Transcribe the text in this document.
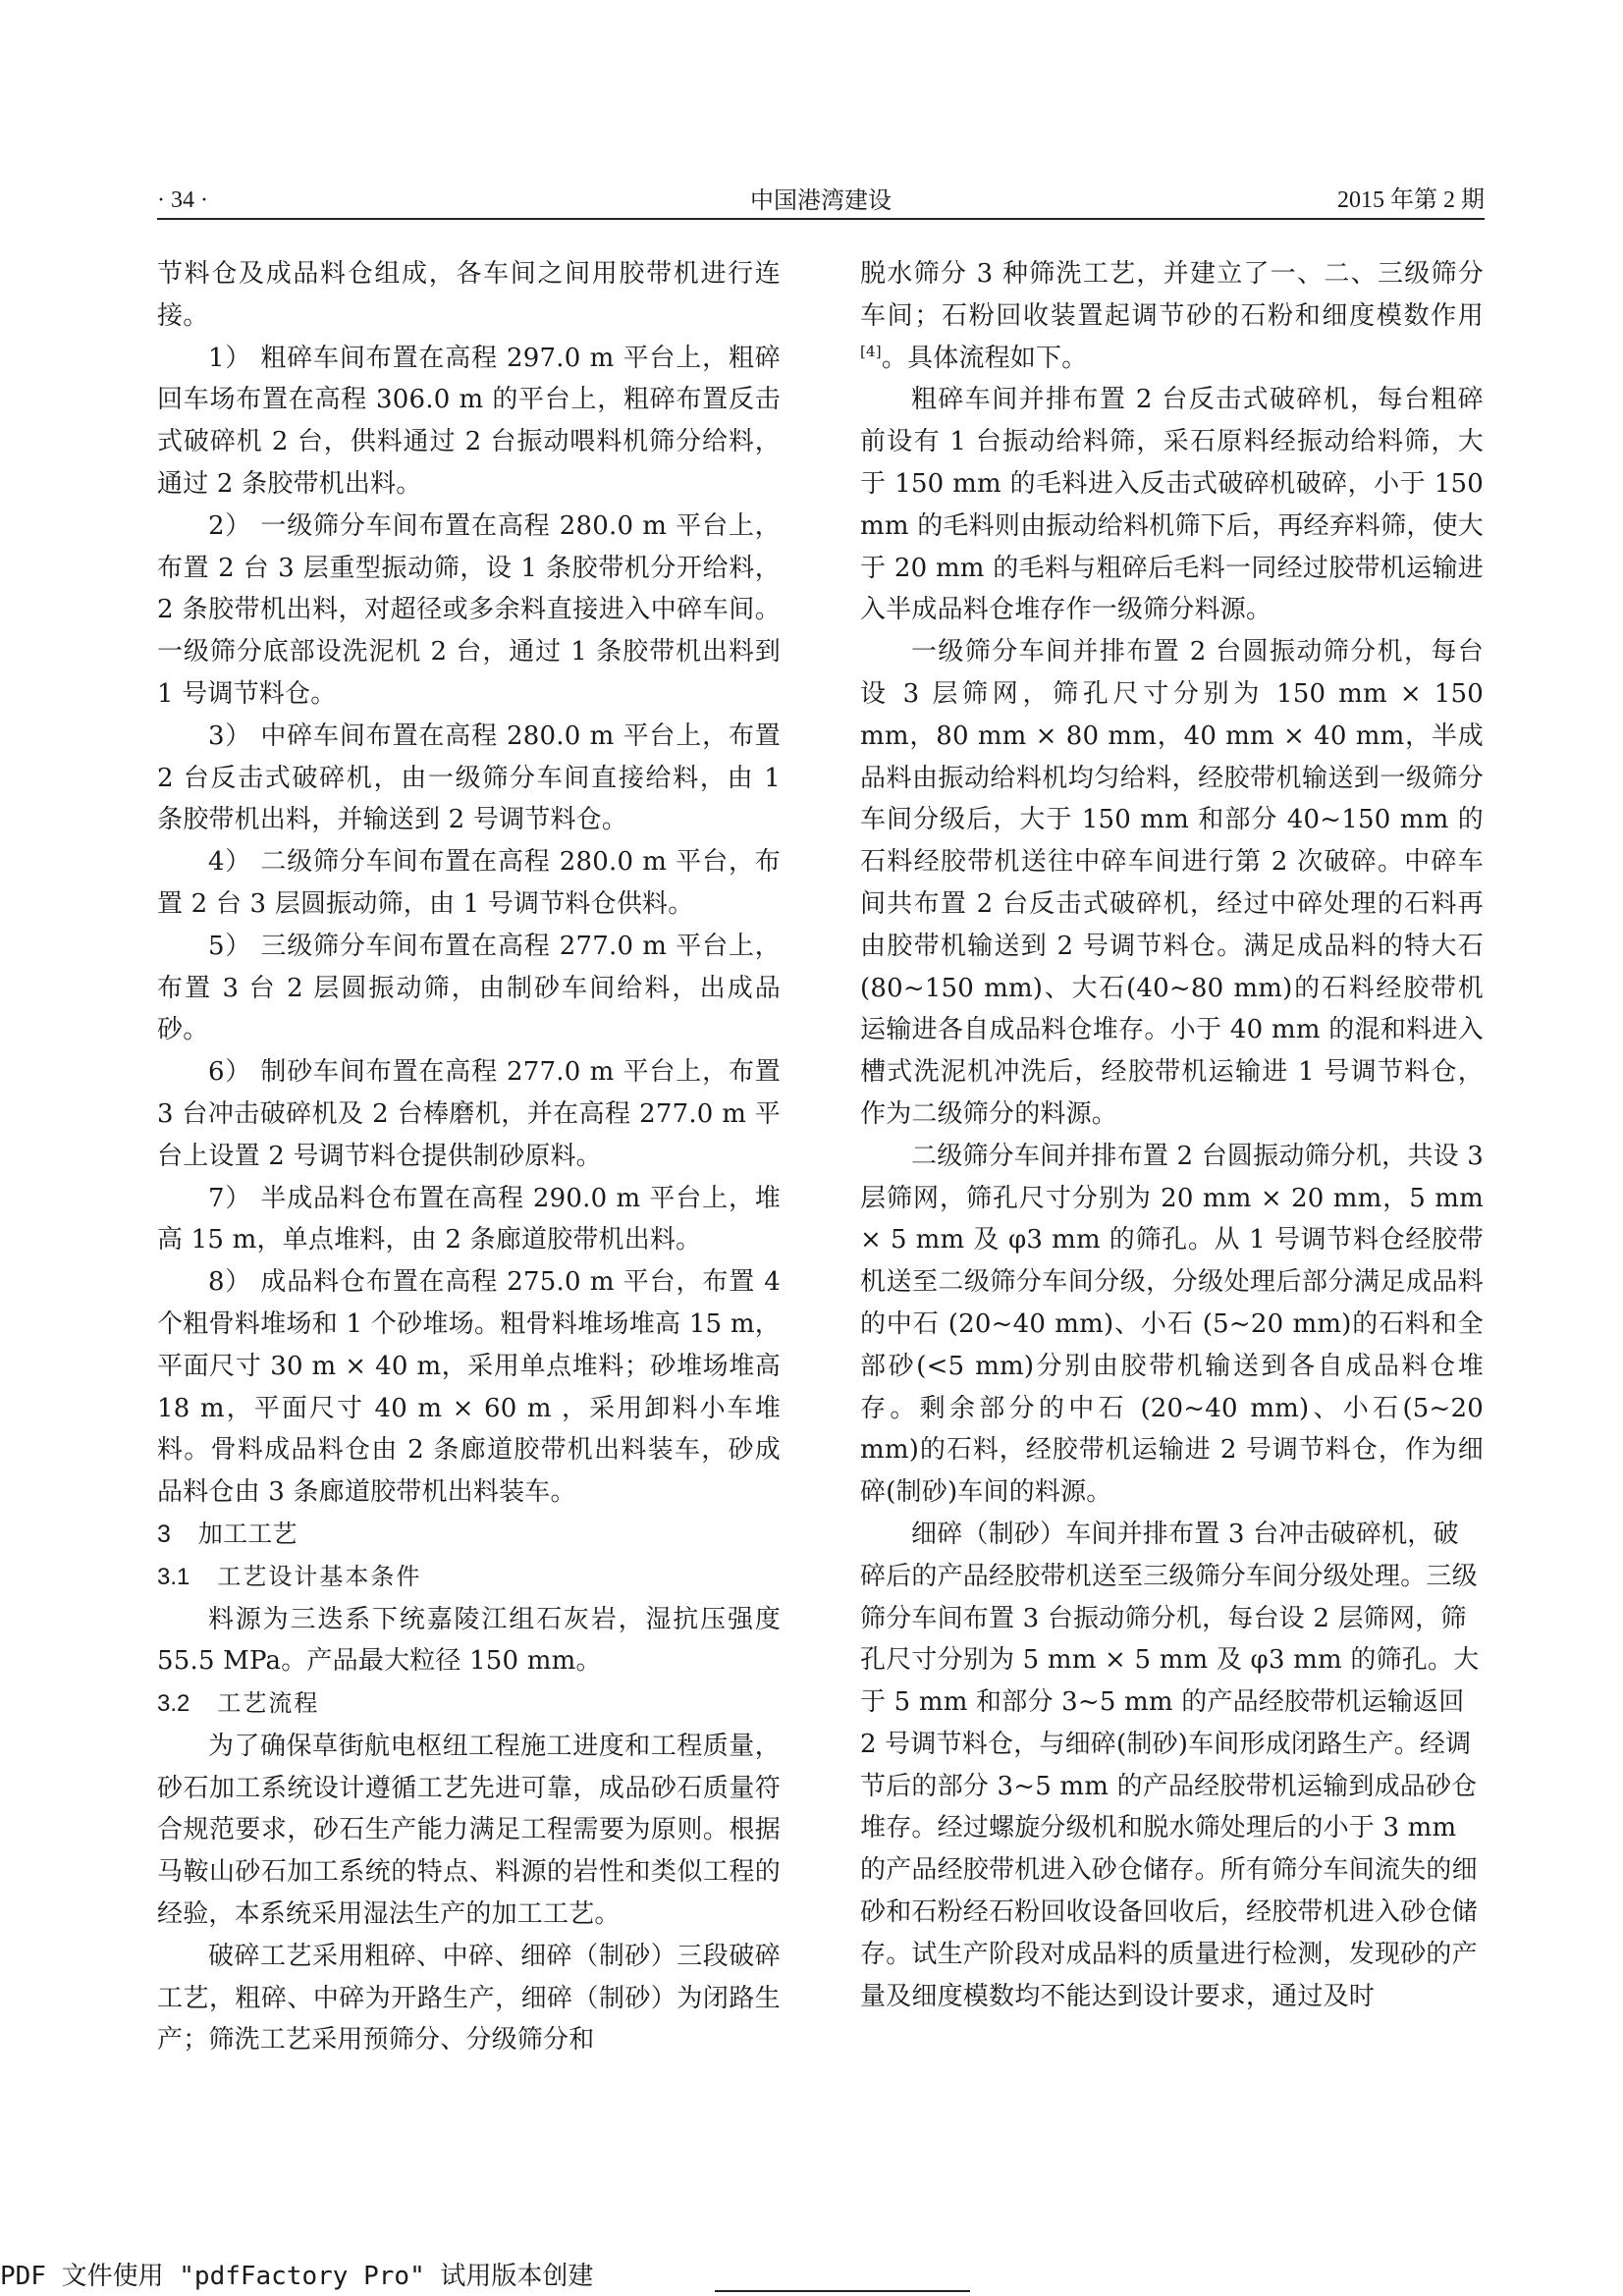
· 34 ·	中国港湾建设	2015 年第 2 期

节料仓及成品料仓组成，各车间之间用胶带机进行连接。

1） 粗碎车间布置在高程 297.0 m 平台上，粗碎回车场布置在高程 306.0 m 的平台上，粗碎布置反击式破碎机 2 台，供料通过 2 台振动喂料机筛分给料，通过 2 条胶带机出料。

2） 一级筛分车间布置在高程 280.0 m 平台上，布置 2 台 3 层重型振动筛，设 1 条胶带机分开给料，2 条胶带机出料，对超径或多余料直接进入中碎车间。一级筛分底部设洗泥机 2 台，通过 1 条胶带机出料到 1 号调节料仓。

3） 中碎车间布置在高程 280.0 m 平台上，布置 2 台反击式破碎机，由一级筛分车间直接给料，由 1 条胶带机出料，并输送到 2 号调节料仓。

4） 二级筛分车间布置在高程 280.0 m 平台，布置 2 台 3 层圆振动筛，由 1 号调节料仓供料。

5） 三级筛分车间布置在高程 277.0 m 平台上，布置 3 台 2 层圆振动筛，由制砂车间给料，出成品砂。

6） 制砂车间布置在高程 277.0 m 平台上，布置 3 台冲击破碎机及 2 台棒磨机，并在高程 277.0 m 平台上设置 2 号调节料仓提供制砂原料。

7） 半成品料仓布置在高程 290.0 m 平台上，堆高 15 m，单点堆料，由 2 条廊道胶带机出料。

8） 成品料仓布置在高程 275.0 m 平台，布置 4 个粗骨料堆场和 1 个砂堆场。粗骨料堆场堆高 15 m，平面尺寸 30 m × 40 m，采用单点堆料；砂堆场堆高 18 m，平面尺寸 40 m × 60 m ，采用卸料小车堆料。骨料成品料仓由 2 条廊道胶带机出料装车，砂成品料仓由 3 条廊道胶带机出料装车。

3 加工工艺

3.1 工艺设计基本条件

料源为三迭系下统嘉陵江组石灰岩，湿抗压强度 55.5 MPa。产品最大粒径 150 mm。

3.2 工艺流程

为了确保草街航电枢纽工程施工进度和工程质量，砂石加工系统设计遵循工艺先进可靠，成品砂石质量符合规范要求，砂石生产能力满足工程需要为原则。根据马鞍山砂石加工系统的特点、料源的岩性和类似工程的经验，本系统采用湿法生产的加工工艺。

破碎工艺采用粗碎、中碎、细碎（制砂）三段破碎工艺，粗碎、中碎为开路生产，细碎（制砂）为闭路生产；筛洗工艺采用预筛分、分级筛分和

脱水筛分 3 种筛洗工艺，并建立了一、二、三级筛分车间；石粉回收装置起调节砂的石粉和细度模数作用[4]。具体流程如下。

粗碎车间并排布置 2 台反击式破碎机，每台粗碎前设有 1 台振动给料筛，采石原料经振动给料筛，大于 150 mm 的毛料进入反击式破碎机破碎，小于 150 mm 的毛料则由振动给料机筛下后，再经弃料筛，使大于 20 mm 的毛料与粗碎后毛料一同经过胶带机运输进入半成品料仓堆存作一级筛分料源。

一级筛分车间并排布置 2 台圆振动筛分机，每台设 3 层筛网，筛孔尺寸分别为 150 mm × 150 mm，80 mm × 80 mm，40 mm × 40 mm，半成品料由振动给料机均匀给料，经胶带机输送到一级筛分车间分级后，大于 150 mm 和部分 40~150 mm 的石料经胶带机送往中碎车间进行第 2 次破碎。中碎车间共布置 2 台反击式破碎机，经过中碎处理的石料再由胶带机输送到 2 号调节料仓。满足成品料的特大石(80~150 mm)、大石(40~80 mm)的石料经胶带机运输进各自成品料仓堆存。小于 40 mm 的混和料进入槽式洗泥机冲洗后，经胶带机运输进 1 号调节料仓，作为二级筛分的料源。

二级筛分车间并排布置 2 台圆振动筛分机，共设 3 层筛网，筛孔尺寸分别为 20 mm × 20 mm，5 mm × 5 mm 及 φ3 mm 的筛孔。从 1 号调节料仓经胶带机送至二级筛分车间分级，分级处理后部分满足成品料的中石 (20~40 mm)、小石 (5~20 mm)的石料和全部砂(<5 mm)分别由胶带机输送到各自成品料仓堆存。剩余部分的中石 (20~40 mm)、小石(5~20 mm)的石料，经胶带机运输进 2 号调节料仓，作为细碎(制砂)车间的料源。

细碎（制砂）车间并排布置 3 台冲击破碎机，破碎后的产品经胶带机送至三级筛分车间分级处理。三级筛分车间布置 3 台振动筛分机，每台设 2 层筛网，筛孔尺寸分别为 5 mm × 5 mm 及 φ3 mm 的筛孔。大于 5 mm 和部分 3~5 mm 的产品经胶带机运输返回 2 号调节料仓，与细碎(制砂)车间形成闭路生产。经调节后的部分 3~5 mm 的产品经胶带机运输到成品砂仓堆存。经过螺旋分级机和脱水筛处理后的小于 3 mm 的产品经胶带机进入砂仓储存。所有筛分车间流失的细砂和石粉经石粉回收设备回收后，经胶带机进入砂仓储存。试生产阶段对成品料的质量进行检测，发现砂的产量及细度模数均不能达到设计要求，通过及时

PDF 文件使用 "pdfFactory Pro" 试用版本创建
